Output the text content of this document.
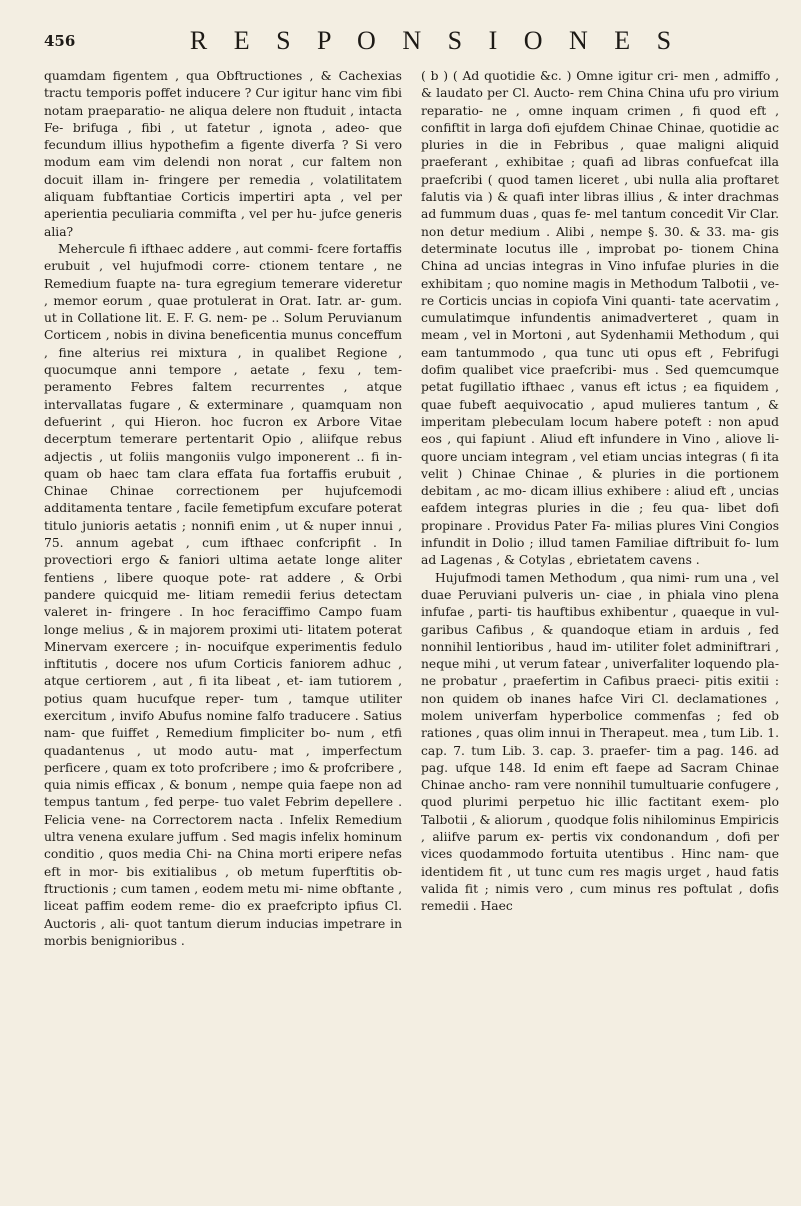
456	R E S P O N S I O N E S

quamdam figentem , qua Obftructiones , & Cachexias tractu temporis poffet inducere ? Cur igitur hanc vim fibi notam praeparatio- ne aliqua delere non ftuduit , intacta Fe- brifuga , fibi , ut fatetur , ignota , adeo- que fecundum illius hypothefim a figente diverfa ? Si vero modum eam vim delendi non norat , cur faltem non docuit illam in- fringere per remedia , volatilitatem aliquam fubftantiae Corticis impertiri apta , vel per aperientia peculiaria commifta , vel per hu- jufce generis alia?

Mehercule fi ifthaec addere , aut commi- fcere fortaffis erubuit , vel hujufmodi corre- ctionem tentare , ne Remedium fuapte na- tura egregium temerare videretur , memor eorum , quae protulerat in Orat. Iatr. ar- gum. ut in Collatione lit. E. F. G. nem- pe .. Solum Peruvianum Corticem , nobis in divina beneficentia munus conceffum , fine alterius rei mixtura , in qualibet Regione , quocumque anni tempore , aetate , fexu , tem- peramento Febres faltem recurrentes , atque intervallatas fugare , & exterminare , quamquam non defuerint , qui Hieron. hoc fucron ex Arbore Vitae decerptum temerare pertentarit Opio , aliifque rebus adjectis , ut foliis mangoniis vulgo imponerent .. fi in- quam ob haec tam clara effata fua fortaffis erubuit , Chinae Chinae correctionem per hujufcemodi additamenta tentare , facile femetipfum excufare poterat titulo junioris aetatis ; nonnifi enim , ut & nuper innui , 75. annum agebat , cum ifthaec confcripfit . In provectiori ergo & faniori ultima aetate longe aliter fentiens , libere quoque pote- rat addere , & Orbi pandere quicquid me- litiam remedii ferius detectam valeret in- fringere . In hoc feraciffimo Campo fuam longe melius , & in majorem proximi uti- litatem poterat Minervam exercere ; in- nocuifque experimentis fedulo inftitutis , docere nos ufum Corticis faniorem adhuc , atque certiorem , aut , fi ita libeat , et- iam tutiorem , potius quam hucufque reper- tum , tamque utiliter exercitum , invifo Abufus nomine falfo traducere . Satius nam- que fuiffet , Remedium fimpliciter bo- num , etfi quadantenus , ut modo autu- mat , imperfectum perficere , quam ex toto profcribere ; imo & profcribere , quia nimis efficax , & bonum , nempe quia faepe non ad tempus tantum , fed perpe- tuo valet Febrim depellere . Felicia vene- na Correctorem nacta . Infelix Remedium ultra venena exulare juffum . Sed magis infelix hominum conditio , quos media Chi- na China morti eripere nefas eft in mor- bis exitialibus , ob metum fuperftitis ob- ftructionis ; cum tamen , eodem metu mi- nime obftante , liceat paffim eodem reme- dio ex praefcripto ipfius Cl. Auctoris , ali- quot tantum dierum inducias impetrare in morbis benignioribus .

( b ) ( Ad quotidie &c. ) Omne igitur cri- men , admiffo , & laudato per Cl. Aucto- rem China China ufu pro virium reparatio- ne , omne inquam crimen , fi quod eft , confiftit in larga dofi ejufdem Chinae Chinae, quotidie ac pluries in die in Febribus , quae maligni aliquid praeferant , exhibitae ; quafi ad libras confuefcat illa praefcribi ( quod tamen liceret , ubi nulla alia proftaret falutis via ) & quafi inter libras illius , & inter drachmas ad fummum duas , quas fe- mel tantum concedit Vir Clar. non detur medium . Alibi , nempe §. 30. & 33. ma- gis determinate locutus ille , improbat po- tionem China China ad uncias integras in Vino infufae pluries in die exhibitam ; quo nomine magis in Methodum Talbotii , ve- re Corticis uncias in copiofa Vini quanti- tate acervatim , cumulatimque infundentis animadverteret , quam in meam , vel in Mortoni , aut Sydenhamii Methodum , qui eam tantummodo , qua tunc uti opus eft , Febrifugi dofim qualibet vice praefcribi- mus . Sed quemcumque petat fugillatio ifthaec , vanus eft ictus ; ea fiquidem , quae fubeft aequivocatio , apud mulieres tantum , & imperitam plebeculam locum habere poteft : non apud eos , qui fapiunt . Aliud eft infundere in Vino , aliove li- quore unciam integram , vel etiam uncias integras ( fi ita velit ) Chinae Chinae , & pluries in die portionem debitam , ac mo- dicam illius exhibere : aliud eft , uncias eafdem integras pluries in die ; feu qua- libet dofi propinare . Providus Pater Fa- milias plures Vini Congios infundit in Dolio ; illud tamen Familiae diftribuit fo- lum ad Lagenas , & Cotylas , ebrietatem cavens .

Hujufmodi tamen Methodum , qua nimi- rum una , vel duae Peruviani pulveris un- ciae , in phiala vino plena infufae , parti- tis hauftibus exhibentur , quaeque in vul- garibus Cafibus , & quandoque etiam in arduis , fed nonnihil lentioribus , haud im- utiliter folet adminiftrari , neque mihi , ut verum fatear , univerfaliter loquendo pla- ne probatur , praefertim in Cafibus praeci- pitis exitii : non quidem ob inanes hafce Viri Cl. declamationes , molem univerfam hyperbolice commenfas ; fed ob rationes , quas olim innui in Therapeut. mea , tum Lib. 1. cap. 7. tum Lib. 3. cap. 3. praefer- tim a pag. 146. ad pag. ufque 148. Id enim eft faepe ad Sacram Chinae Chinae ancho- ram vere nonnihil tumultuarie confugere , quod plurimi perpetuo hic illic factitant exem- plo Talbotii , & aliorum , quodque folis nihilominus Empiricis , aliifve parum ex- pertis vix condonandum , dofi per vices quodammodo fortuita utentibus . Hinc nam- que identidem fit , ut tunc cum res magis urget , haud fatis valida fit ; nimis vero , cum minus res poftulat , dofis remedii . Haec
